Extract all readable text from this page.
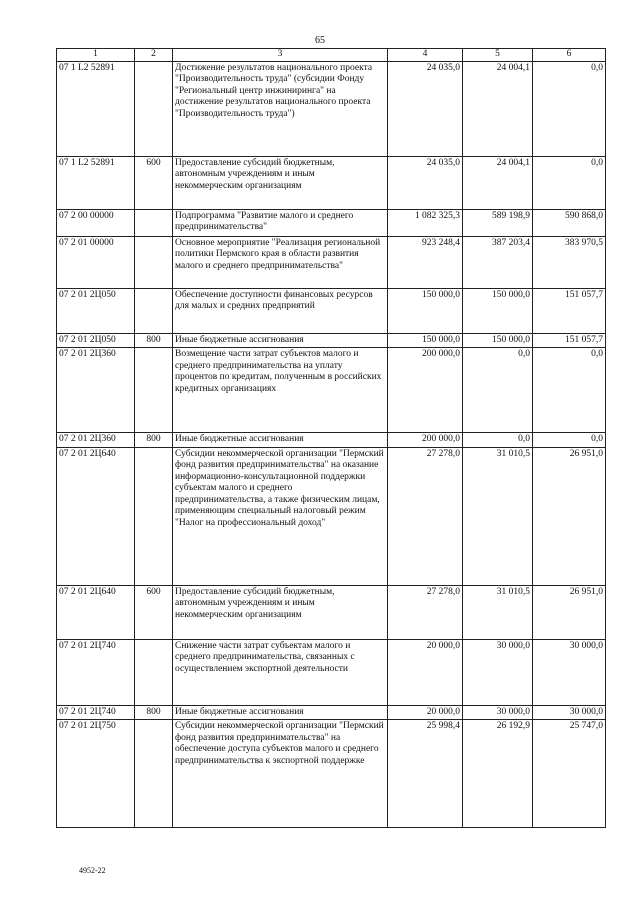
65
1	2	3	4	5	6
07 1 L2 52891		Достижение результатов национального проекта "Производительность труда" (субсидии Фонду "Региональный центр инжиниринга" на достижение результатов национального проекта "Производительность труда")	24 035,0	24 004,1	0,0
07 1 L2 52891	600	Предоставление субсидий бюджетным, автономным учреждениям и иным некоммерческим организациям	24 035,0	24 004,1	0,0
07 2 00 00000		Подпрограмма "Развитие малого и среднего предпринимательства"	1 082 325,3	589 198,9	590 868,0
07 2 01 00000		Основное мероприятие "Реализация региональной политики Пермского края в области развития малого и среднего предпринимательства"	923 248,4	387 203,4	383 970,5
07 2 01 2Ц050		Обеспечение доступности финансовых ресурсов для малых и средних предприятий	150 000,0	150 000,0	151 057,7
07 2 01 2Ц050	800	Иные бюджетные ассигнования	150 000,0	150 000,0	151 057,7
07 2 01 2Ц360		Возмещение части затрат субъектов малого и среднего предпринимательства на уплату процентов по кредитам, полученным в российских кредитных организациях	200 000,0	0,0	0,0
07 2 01 2Ц360	800	Иные бюджетные ассигнования	200 000,0	0,0	0,0
07 2 01 2Ц640		Субсидии некоммерческой организации "Пермский фонд развития предпринимательства" на оказание информационно-консультационной поддержки субъектам малого и среднего предпринимательства, а также физическим лицам, применяющим специальный налоговый режим "Налог на профессиональный доход"	27 278,0	31 010,5	26 951,0
07 2 01 2Ц640	600	Предоставление субсидий бюджетным, автономным учреждениям и иным некоммерческим организациям	27 278,0	31 010,5	26 951,0
07 2 01 2Ц740		Снижение части затрат субъектам малого и среднего предпринимательства, связанных с осуществлением экспортной деятельности	20 000,0	30 000,0	30 000,0
07 2 01 2Ц740	800	Иные бюджетные ассигнования	20 000,0	30 000,0	30 000,0
07 2 01 2Ц750		Субсидии некоммерческой организации "Пермский фонд развития предпринимательства" на обеспечение доступа субъектов малого и среднего предпринимательства к экспортной поддержке	25 998,4	26 192,9	25 747,0
4952-22
